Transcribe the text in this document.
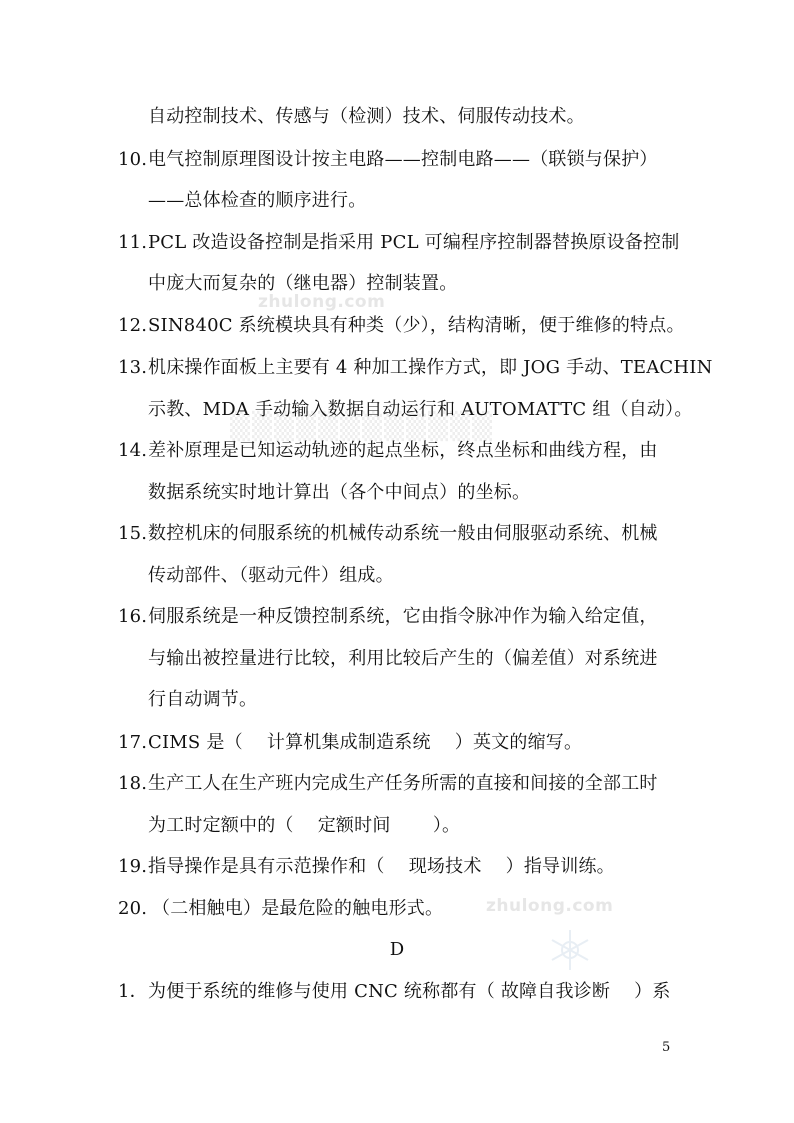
zhulong.com
zhulong.com
▒▒▒▒▒▒▒▒▒▒▒▒
自动控制技术、传感与（检测）技术、伺服传动技术。
10. 电气控制原理图设计按主电路——控制电路——（联锁与保护）
——总体检查的顺序进行。
11. PCL 改造设备控制是指采用 PCL 可编程序控制器替换原设备控制
中庞大而复杂的（继电器）控制装置。
12. SIN840C 系统模块具有种类（少），结构清晰，便于维修的特点。
13. 机床操作面板上主要有 4 种加工操作方式，即 JOG 手动、TEACHIN
示教、MDA 手动输入数据自动运行和 AUTOMATTC 组（自动）。
14. 差补原理是已知运动轨迹的起点坐标，终点坐标和曲线方程，由
数据系统实时地计算出（各个中间点）的坐标。
15. 数控机床的伺服系统的机械传动系统一般由伺服驱动系统、机械
传动部件、（驱动元件）组成。
16. 伺服系统是一种反馈控制系统，它由指令脉冲作为输入给定值，
与输出被控量进行比较，利用比较后产生的（偏差值）对系统进
行自动调节。
17. CIMS 是（　 计算机集成制造系统　 ）英文的缩写。
18. 生产工人在生产班内完成生产任务所需的直接和间接的全部工时
为工时定额中的（　 定额时间　　 ）。
19. 指导操作是具有示范操作和（　 现场技术　 ）指导训练。
20. （二相触电）是最危险的触电形式。
D
1． 为便于系统的维修与使用 CNC 统称都有（ 故障自我诊断　 ）系
5
